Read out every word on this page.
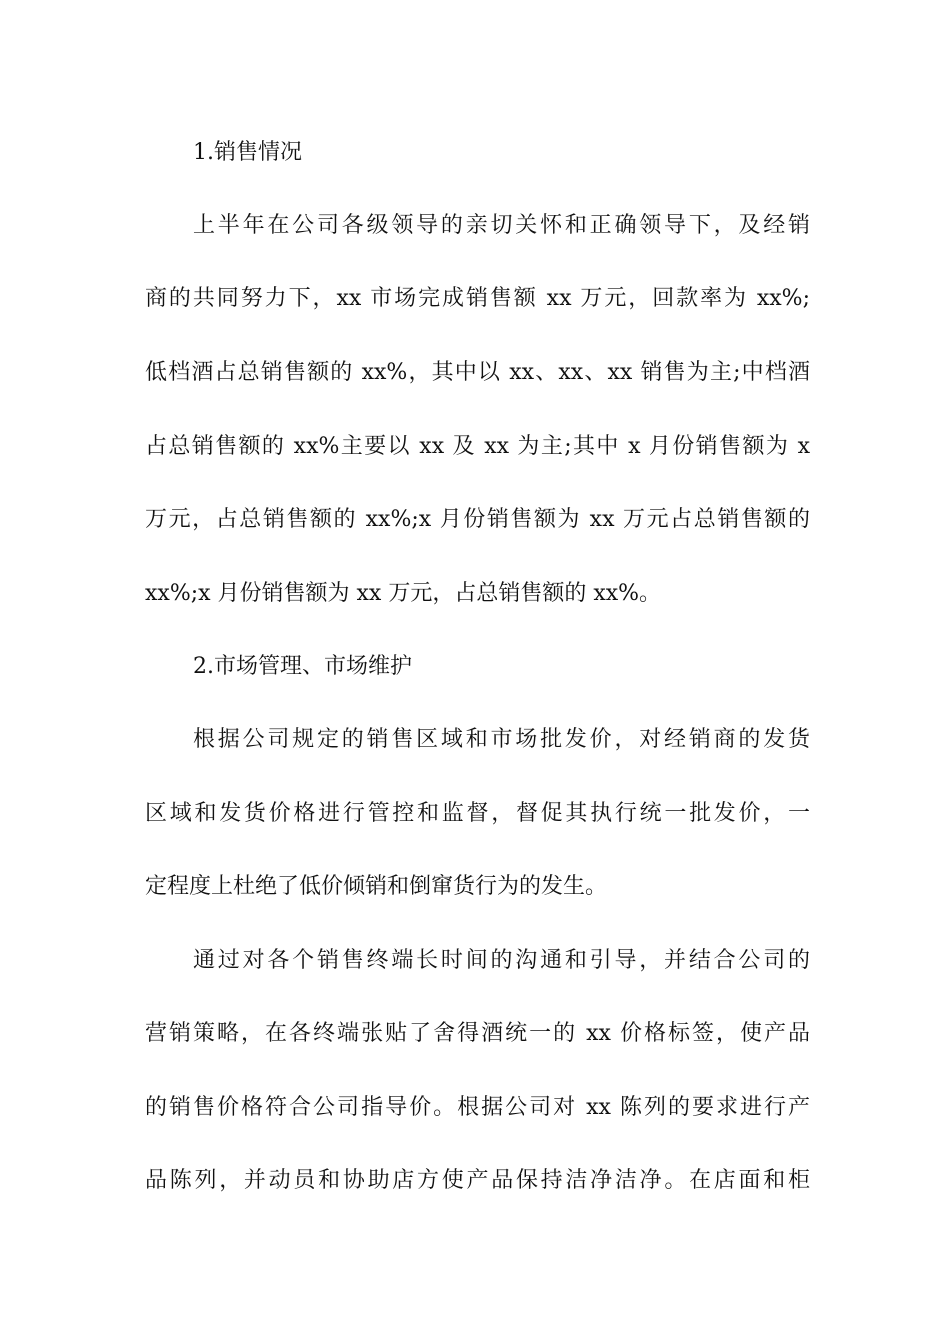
1.销售情况
上半年在公司各级领导的亲切关怀和正确领导下，及经销
商的共同努力下，xx 市场完成销售额 xx 万元，回款率为 xx%;
低档酒占总销售额的 xx%，其中以 xx、xx、xx 销售为主;中档酒
占总销售额的 xx%主要以 xx 及 xx 为主;其中 x 月份销售额为 x
万元，占总销售额的 xx%;x 月份销售额为 xx 万元占总销售额的
xx%;x 月份销售额为 xx 万元，占总销售额的 xx%。
2.市场管理、市场维护
根据公司规定的销售区域和市场批发价，对经销商的发货
区域和发货价格进行管控和监督，督促其执行统一批发价，一
定程度上杜绝了低价倾销和倒窜货行为的发生。
通过对各个销售终端长时间的沟通和引导，并结合公司的
营销策略，在各终端张贴了舍得酒统一的 xx 价格标签，使产品
的销售价格符合公司指导价。根据公司对 xx 陈列的要求进行产
品陈列，并动员和协助店方使产品保持洁净洁净。在店面和柜
